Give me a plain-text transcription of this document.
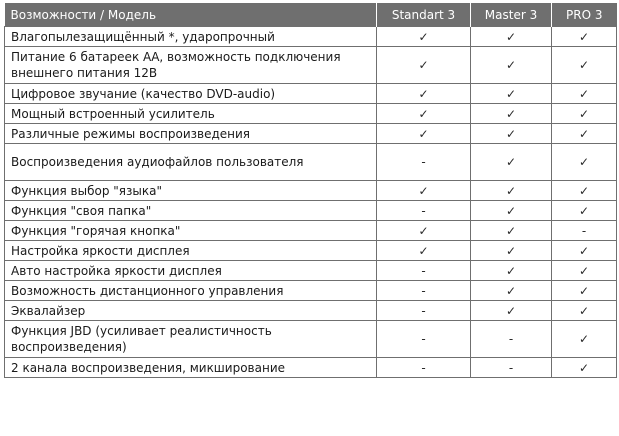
Возможности / Модель	Standart 3	Master 3	PRO 3
Влагопылезащищённый *, ударопрочный	✓	✓	✓
Питание 6 батареек АА, возможность подключения внешнего питания 12В	✓	✓	✓
Цифровое звучание (качество DVD-audio)	✓	✓	✓
Мощный встроенный усилитель	✓	✓	✓
Различные режимы воспроизведения	✓	✓	✓
Воспроизведения аудиофайлов пользователя	-	✓	✓
Функция выбор "языка"	✓	✓	✓
Функция "своя папка"	-	✓	✓
Функция "горячая кнопка"	✓	✓	-
Настройка яркости дисплея	✓	✓	✓
Авто настройка яркости дисплея	-	✓	✓
Возможность дистанционного управления	-	✓	✓
Эквалайзер	-	✓	✓
Функция JBD (усиливает реалистичность воспроизведения)	-	-	✓
2 канала воспроизведения, микширование	-	-	✓
